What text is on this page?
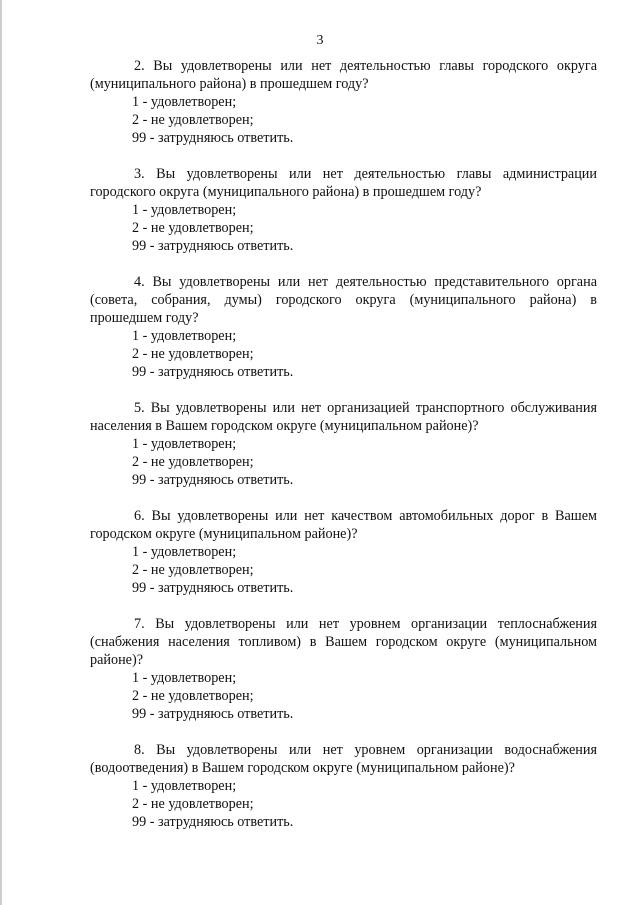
3

2. Вы удовлетворены или нет деятельностью главы городского округа (муниципального района) в прошедшем году?

1 - удовлетворен;
2 - не удовлетворен;
99 - затрудняюсь ответить.

3. Вы удовлетворены или нет деятельностью главы администрации городского округа (муниципального района) в прошедшем году?

1 - удовлетворен;
2 - не удовлетворен;
99 - затрудняюсь ответить.

4. Вы удовлетворены или нет деятельностью представительного органа (совета, собрания, думы) городского округа (муниципального района) в прошедшем году?

1 - удовлетворен;
2 - не удовлетворен;
99 - затрудняюсь ответить.

5. Вы удовлетворены или нет организацией транспортного обслуживания населения в Вашем городском округе (муниципальном районе)?

1 - удовлетворен;
2 - не удовлетворен;
99 - затрудняюсь ответить.

6. Вы удовлетворены или нет качеством автомобильных дорог в Вашем городском округе (муниципальном районе)?

1 - удовлетворен;
2 - не удовлетворен;
99 - затрудняюсь ответить.

7. Вы удовлетворены или нет уровнем организации теплоснабжения (снабжения населения топливом) в Вашем городском округе (муниципальном районе)?

1 - удовлетворен;
2 - не удовлетворен;
99 - затрудняюсь ответить.

8. Вы удовлетворены или нет уровнем организации водоснабжения (водоотведения) в Вашем городском округе (муниципальном районе)?

1 - удовлетворен;
2 - не удовлетворен;
99 - затрудняюсь ответить.
